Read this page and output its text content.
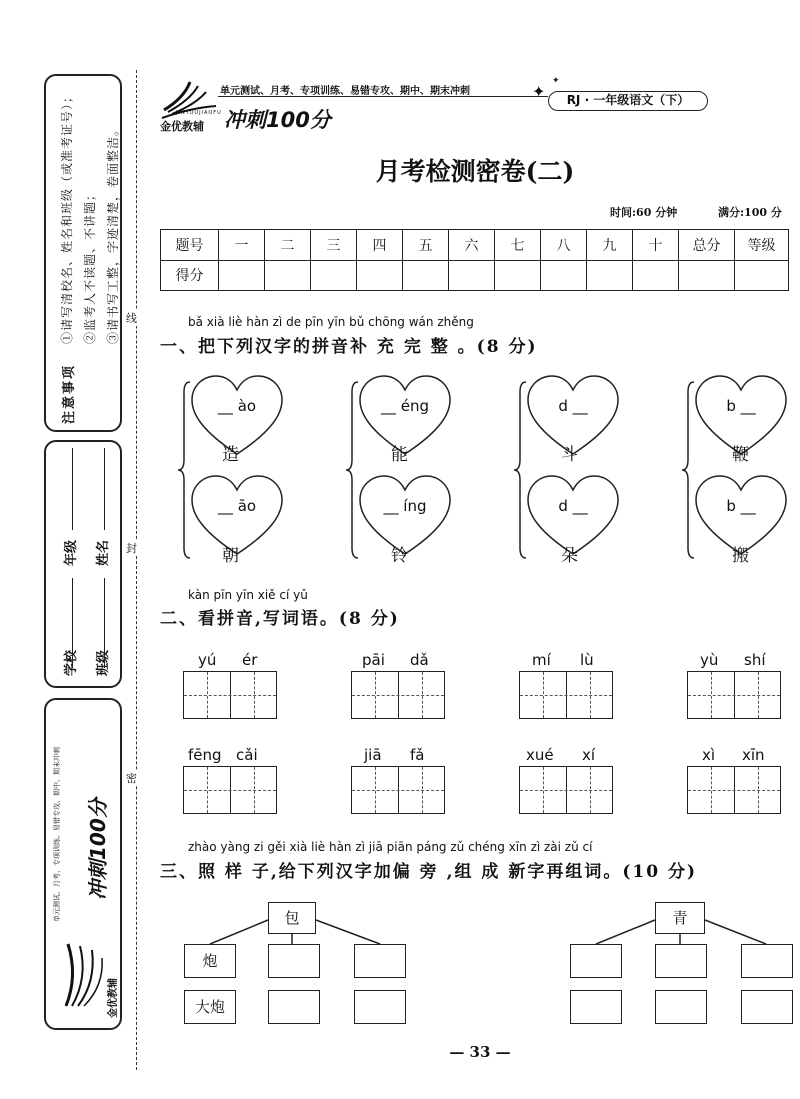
注意事项
①请写清校名、姓名和班级（或准考证号）； ②监考人不读题、不讲题； ③请书写工整，字迹清楚，卷面整洁。
学校
年级
班级
姓名
单元测试、月考、专项训练、易错专攻、期中、期末冲刺 冲刺100分
金优教辅
线
封
密
JINYOUJIAOFU
金优教辅 冲刺100分
单元测试、月考、专项训练、易错专攻、期中、期末冲刺	✦
✦
RJ · 一年级语文（下）
月考检测密卷(二)
时间:60 分钟	满分:100 分
题号	一	二	三	四	五	六	七	八	九	十	总分	等级
得分												
bǎ xià liè hàn zì de pīn yīn bǔ chōng wán zhěng
一、把下列汉字的拼音补 充 完 整 。(8 分)
__ ào
造
__ āo
朝
__ éng
能
__ íng
铃
d __
斗
d __
朵
b __
鞭
b __
搬
kàn pīn yīn xiě cí yǔ
二、看拼音,写词语。(8 分)
yú ér	pāi dǎ	mí lù	yù shí
fēng cǎi	jiā fǎ	xué xí	xì xīn
zhào yàng zi gěi xià liè hàn zì jiā piān páng zǔ chéng xīn zì zài zǔ cí
三、照 样 子,给下列汉字加偏 旁 ,组 成 新字再组词。(10 分)
包
炮
大炮
青
— 33 —
